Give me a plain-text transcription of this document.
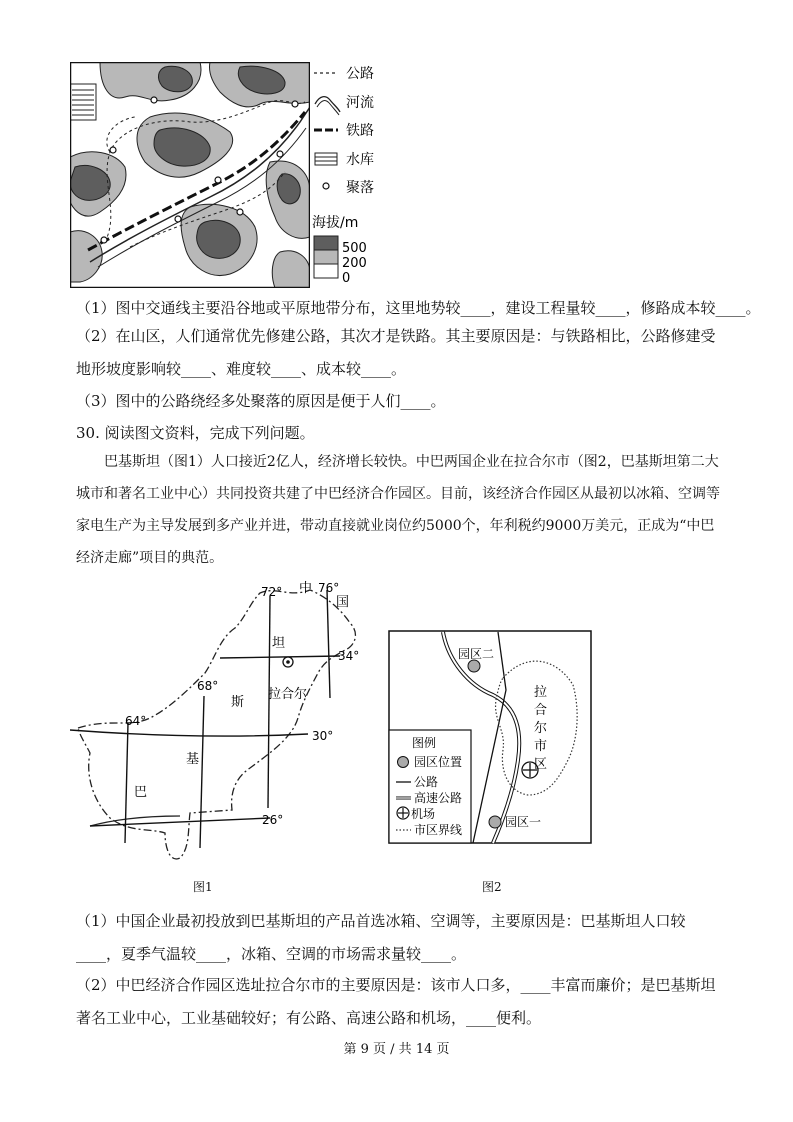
公路
河流
铁路
水库
聚落
海拔/m
500
200
0
（1）图中交通线主要沿谷地或平原地带分布，这里地势较____，建设工程量较____，修路成本较____。
（2）在山区，人们通常优先修建公路，其次才是铁路。其主要原因是：与铁路相比，公路修建受地形坡度影响较____、难度较____、成本较____。
（3）图中的公路绕经多处聚落的原因是便于人们____。
30. 阅读图文资料，完成下列问题。
巴基斯坦（图1）人口接近2亿人，经济增长较快。中巴两国企业在拉合尔市（图2，巴基斯坦第二大城市和著名工业中心）共同投资共建了中巴经济合作园区。目前，该经济合作园区从最初以冰箱、空调等家电生产为主导发展到多产业并进，带动直接就业岗位约5000个，年利税约9000万美元，正成为“中巴经济走廊”项目的典范。
72° 中 76°
国
坦
34°
68°
拉合尔
斯
64°
30°
基
巴
26°
图1
园区二
园区一
拉
合
尔
市
区
图例
园区位置
公路
高速公路
机场
市区界线
图2
（1）中国企业最初投放到巴基斯坦的产品首选冰箱、空调等，主要原因是：巴基斯坦人口较____，夏季气温较____，冰箱、空调的市场需求量较____。
（2）中巴经济合作园区选址拉合尔市的主要原因是：该市人口多，____丰富而廉价；是巴基斯坦著名工业中心，工业基础较好；有公路、高速公路和机场，____便利。
第 9 页 / 共 14 页
